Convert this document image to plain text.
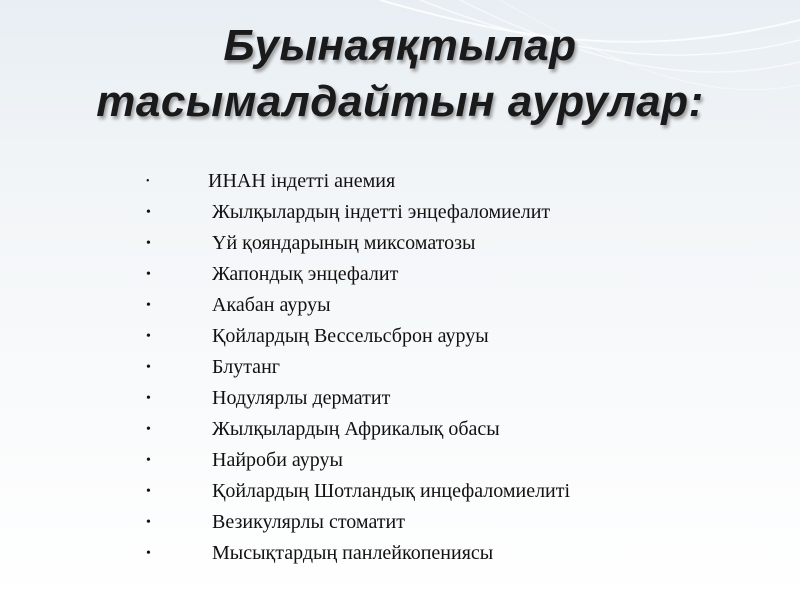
Буынаяқтылар
тасымалдайтын аурулар:
•	ИНАН індетті анемия
•	Жылқылардың індетті энцефаломиелит
•	Үй қояндарының миксоматозы
•	Жапондық энцефалит
•	Акабан ауруы
•	Қойлардың Вессельсброн ауруы
•	Блутанг
•	Нодулярлы дерматит
•	Жылқылардың Африкалық обасы
•	Найроби ауруы
•	Қойлардың Шотландық инцефаломиелиті
•	Везикулярлы стоматит
•	Мысықтардың панлейкопениясы
